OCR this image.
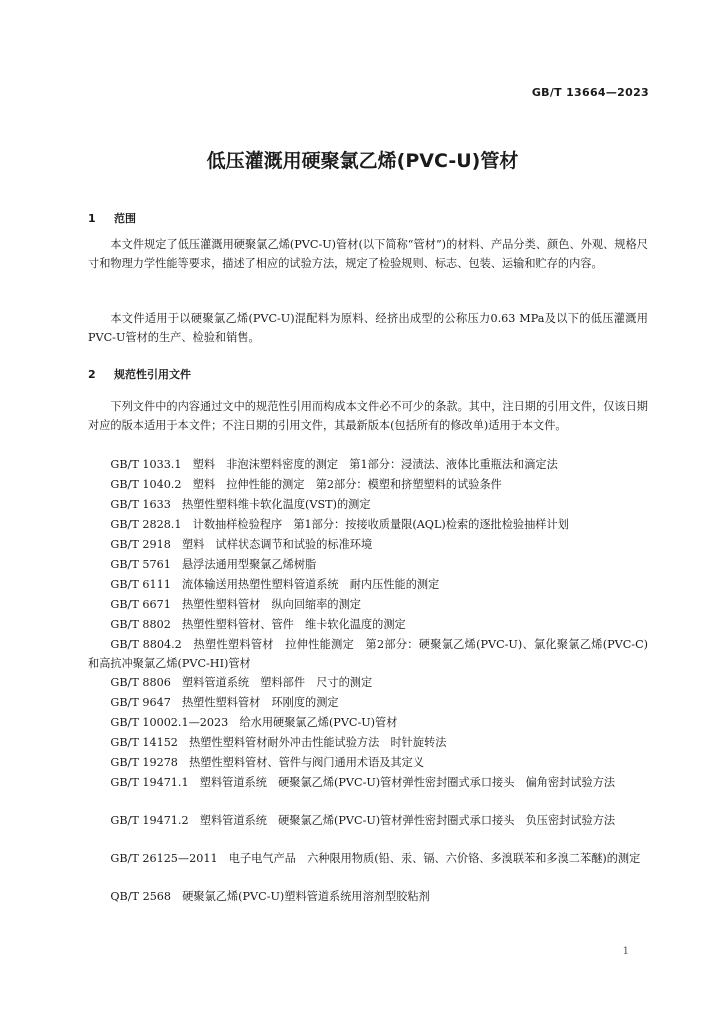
GB/T 13664—2023
低压灌溉用硬聚氯乙烯(PVC-U)管材
1 范围

本文件规定了低压灌溉用硬聚氯乙烯(PVC-U)管材(以下简称“管材”)的材料、产品分类、颜色、外观、规格尺寸和物理力学性能等要求，描述了相应的试验方法，规定了检验规则、标志、包装、运输和贮存的内容。

本文件适用于以硬聚氯乙烯(PVC-U)混配料为原料、经挤出成型的公称压力0.63 MPa及以下的低压灌溉用PVC-U管材的生产、检验和销售。

2 规范性引用文件

下列文件中的内容通过文中的规范性引用而构成本文件必不可少的条款。其中，注日期的引用文件，仅该日期对应的版本适用于本文件；不注日期的引用文件，其最新版本(包括所有的修改单)适用于本文件。

GB/T 1033.1　塑料　非泡沫塑料密度的测定　第1部分：浸渍法、液体比重瓶法和滴定法

GB/T 1040.2　塑料　拉伸性能的测定　第2部分：模塑和挤塑塑料的试验条件

GB/T 1633　热塑性塑料维卡软化温度(VST)的测定

GB/T 2828.1　计数抽样检验程序　第1部分：按接收质量限(AQL)检索的逐批检验抽样计划

GB/T 2918　塑料　试样状态调节和试验的标准环境

GB/T 5761　悬浮法通用型聚氯乙烯树脂

GB/T 6111　流体输送用热塑性塑料管道系统　耐内压性能的测定

GB/T 6671　热塑性塑料管材　纵向回缩率的测定

GB/T 8802　热塑性塑料管材、管件　维卡软化温度的测定

GB/T 8804.2　热塑性塑料管材　拉伸性能测定　第2部分：硬聚氯乙烯(PVC-U)、氯化聚氯乙烯(PVC-C)和高抗冲聚氯乙烯(PVC-HI)管材

GB/T 8806　塑料管道系统　塑料部件　尺寸的测定

GB/T 9647　热塑性塑料管材　环刚度的测定

GB/T 10002.1—2023　给水用硬聚氯乙烯(PVC-U)管材

GB/T 14152　热塑性塑料管材耐外冲击性能试验方法　时针旋转法

GB/T 19278　热塑性塑料管材、管件与阀门通用术语及其定义

GB/T 19471.1　塑料管道系统　硬聚氯乙烯(PVC-U)管材弹性密封圈式承口接头　偏角密封试验方法

GB/T 19471.2　塑料管道系统　硬聚氯乙烯(PVC-U)管材弹性密封圈式承口接头　负压密封试验方法

GB/T 26125—2011　电子电气产品　六种限用物质(铅、汞、镉、六价铬、多溴联苯和多溴二苯醚)的测定

QB/T 2568　硬聚氯乙烯(PVC-U)塑料管道系统用溶剂型胶粘剂

1
